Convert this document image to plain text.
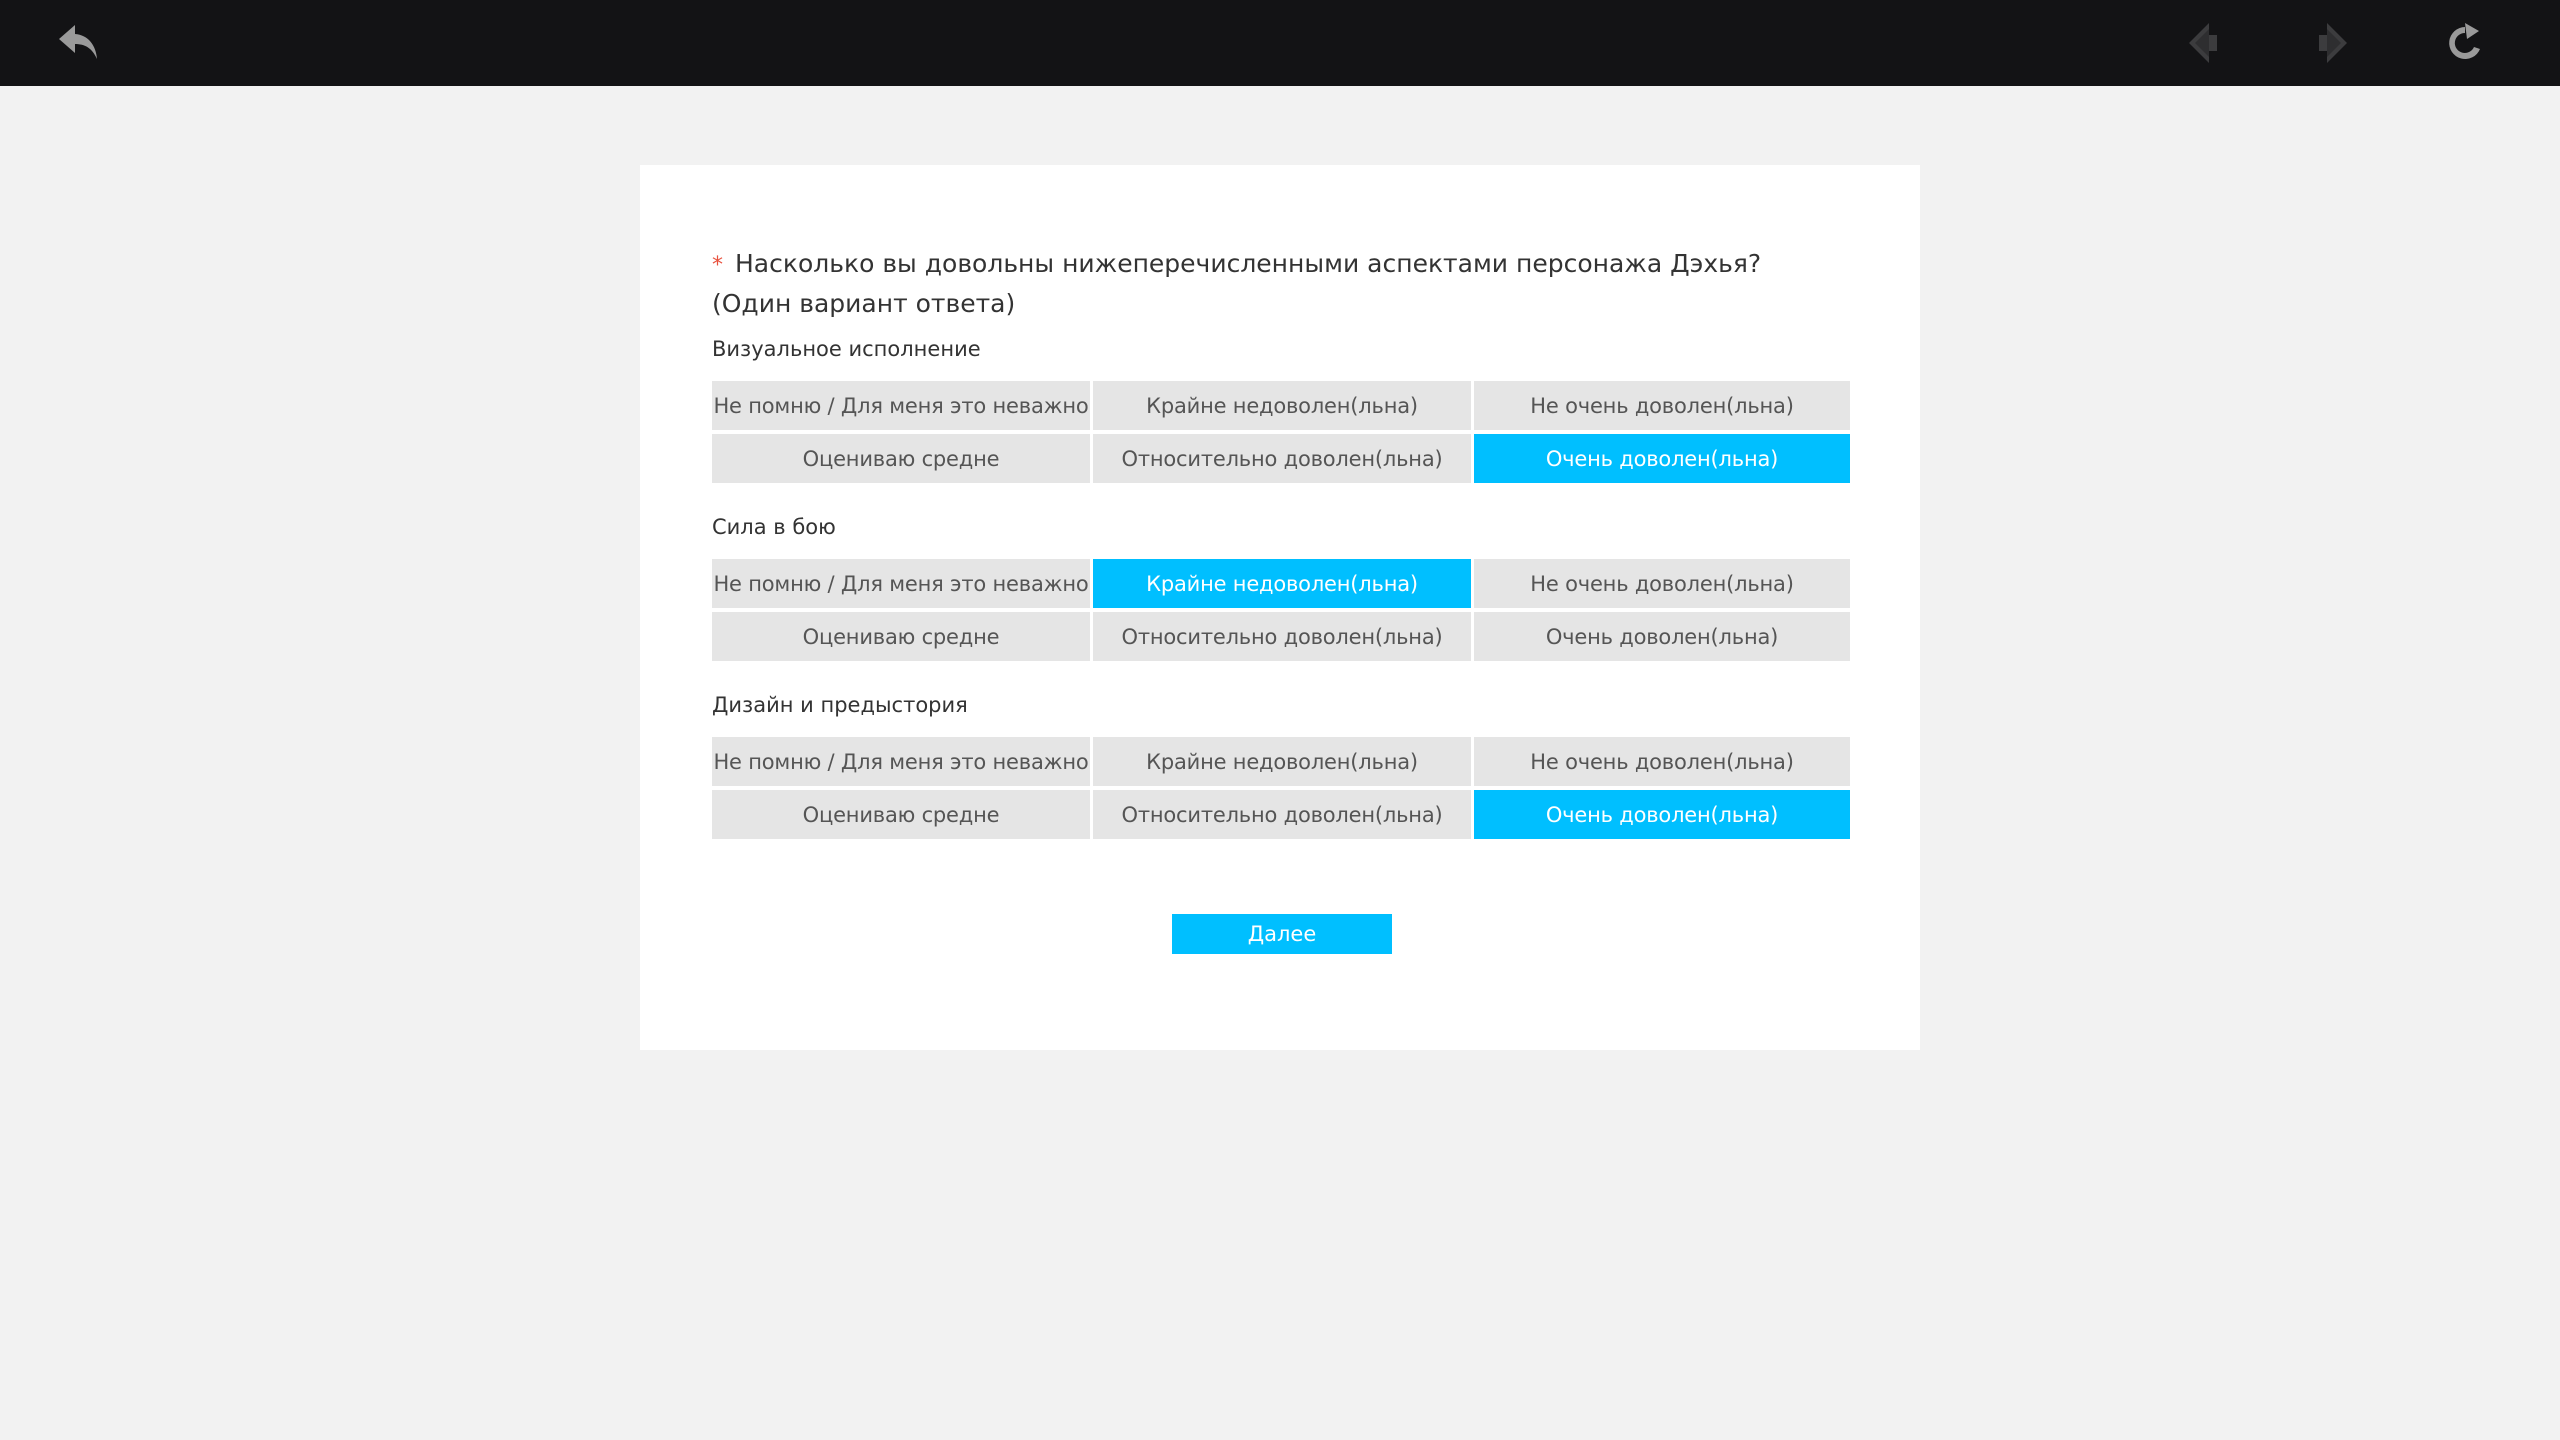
* Насколько вы довольны нижеперечисленными аспектами персонажа Дэхья? (Один вариант ответа)
Визуальное исполнение
Не помню / Для меня это неважно	Крайне недоволен(льна)	Не очень доволен(льна)
Оцениваю средне	Относительно доволен(льна)	Очень доволен(льна)
Сила в бою
Не помню / Для меня это неважно	Крайне недоволен(льна)	Не очень доволен(льна)
Оцениваю средне	Относительно доволен(льна)	Очень доволен(льна)
Дизайн и предыстория
Не помню / Для меня это неважно	Крайне недоволен(льна)	Не очень доволен(льна)
Оцениваю средне	Относительно доволен(льна)	Очень доволен(льна)
Далее
